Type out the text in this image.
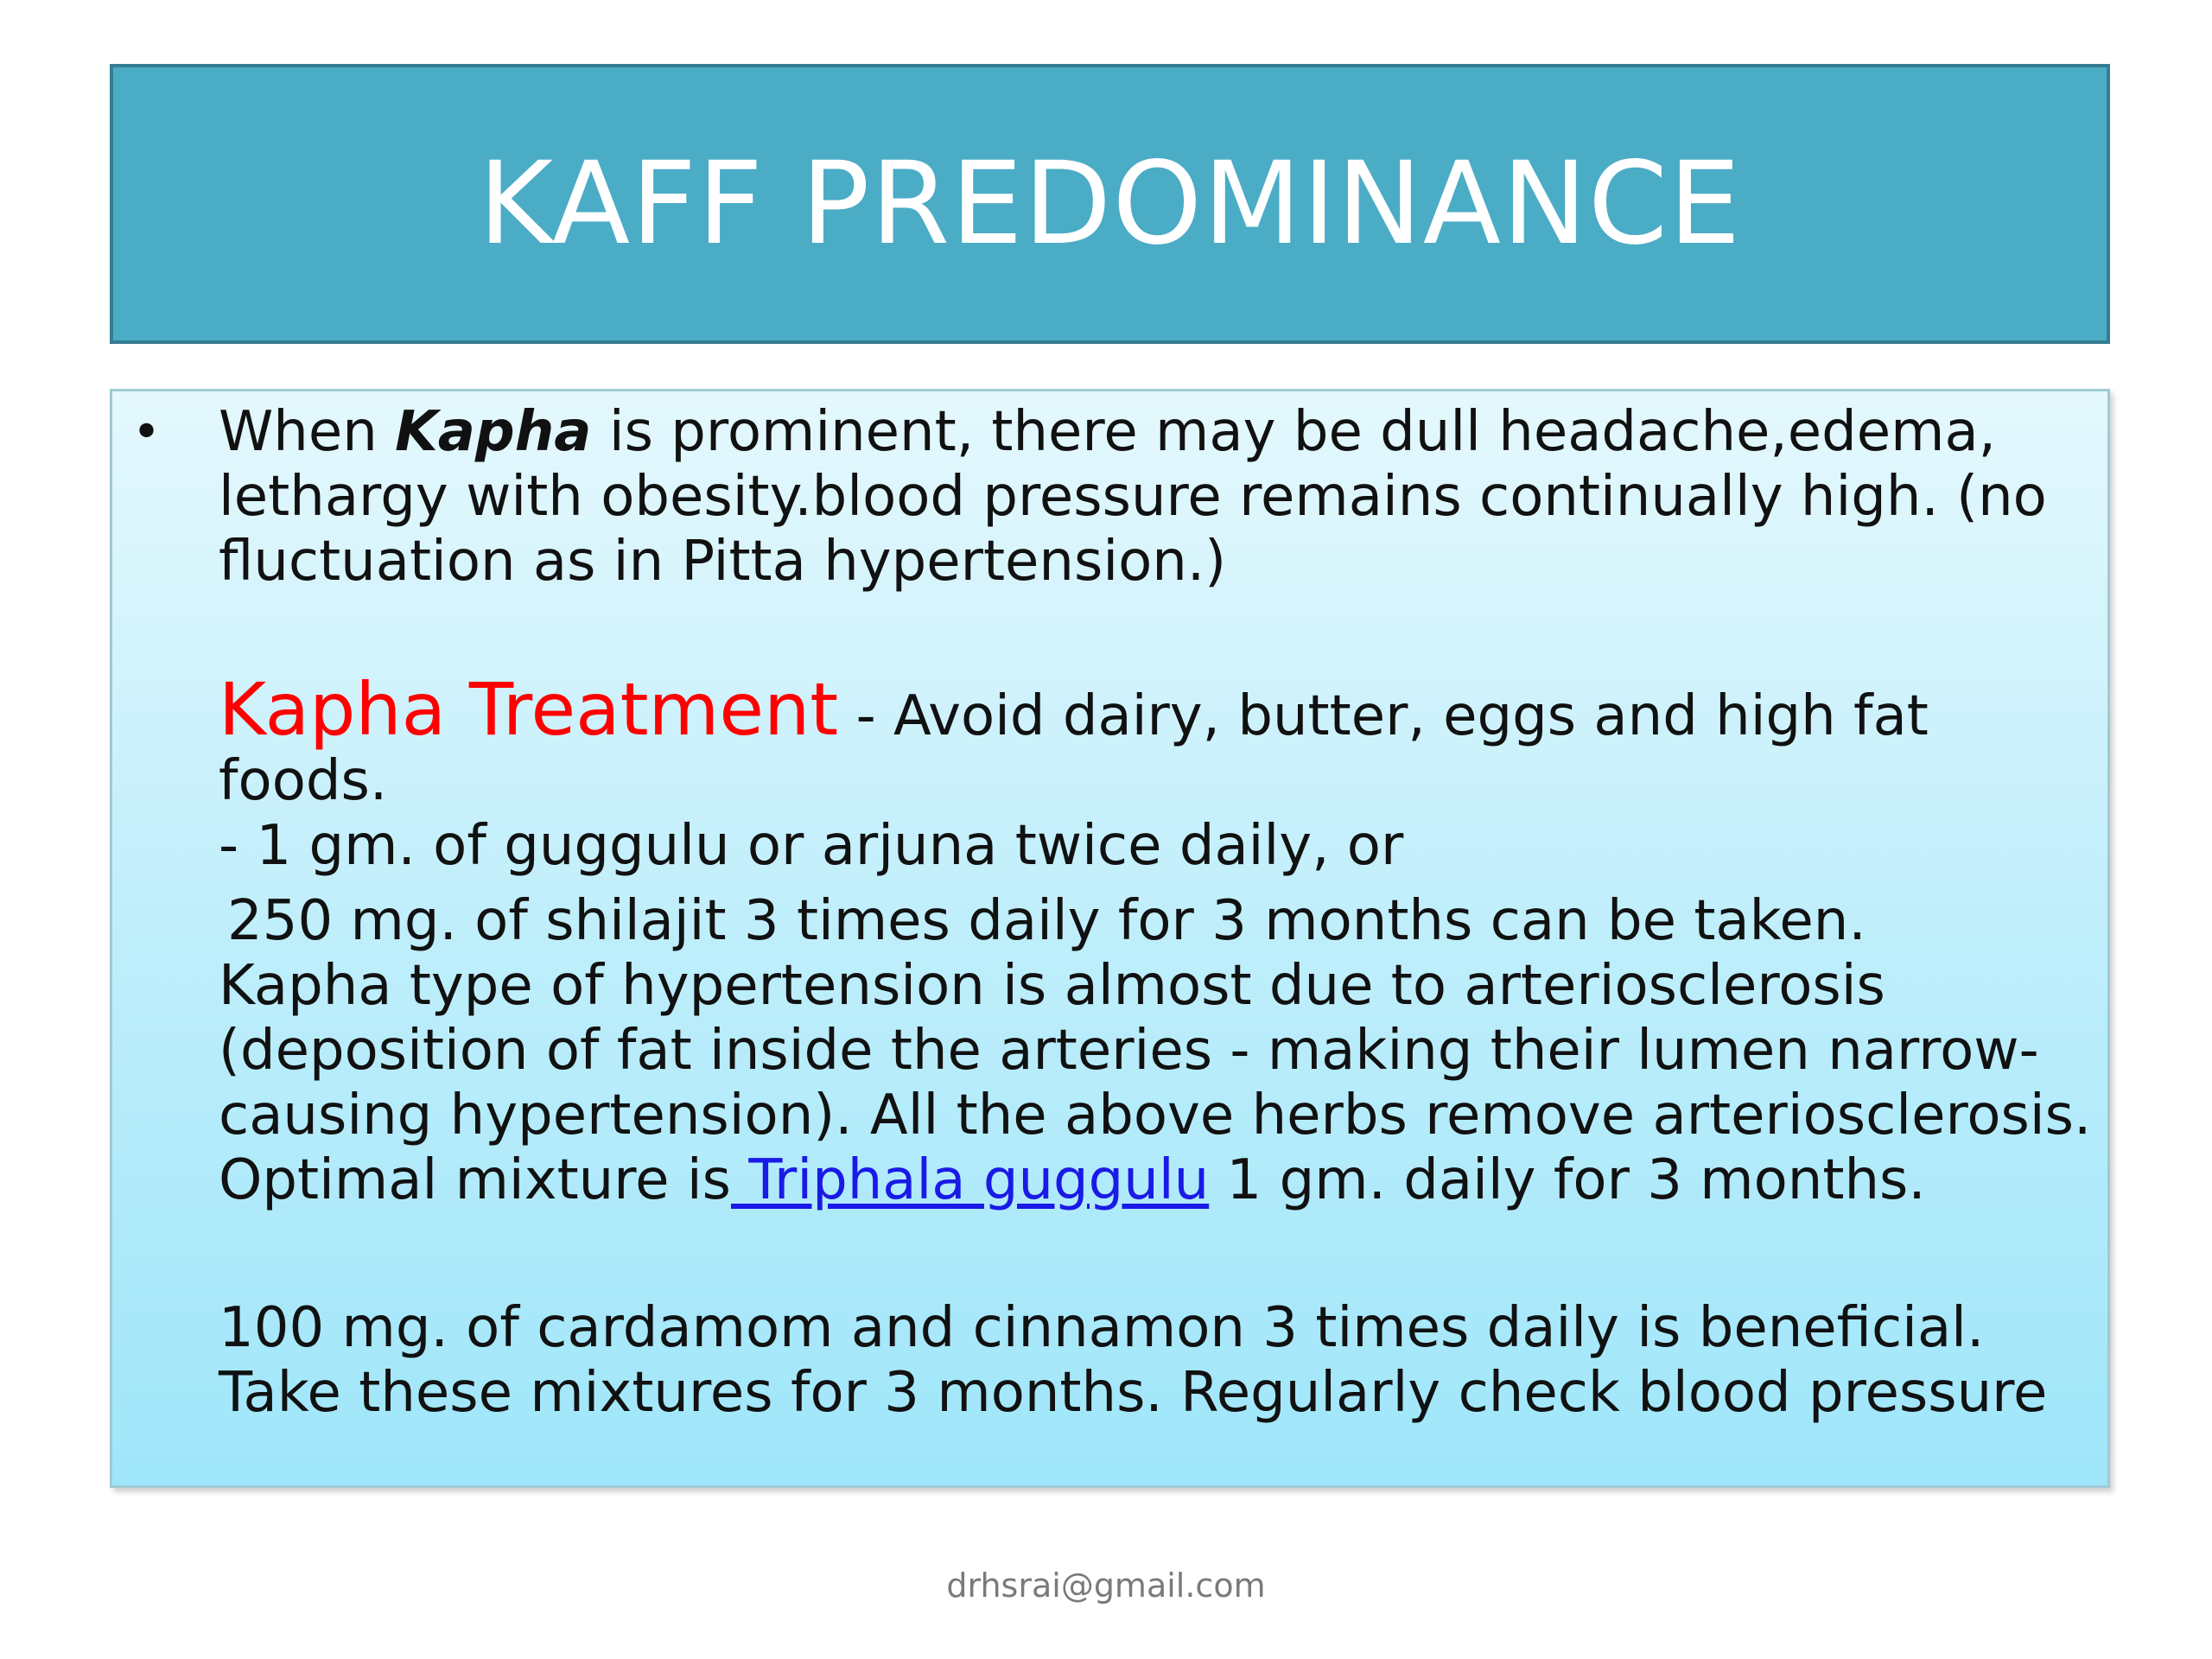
KAFF PREDOMINANCE
• When Kapha is prominent, there may be dull headache,edema, lethargy with obesity.blood pressure remains continually high. (no fluctuation as in Pitta hypertension.)

Kapha Treatment - Avoid dairy, butter, eggs and high fat foods.
- 1 gm. of guggulu or arjuna twice daily, or

250 mg. of shilajit 3 times daily for 3 months can be taken.
Kapha type of hypertension is almost due to arteriosclerosis (deposition of fat inside the arteries - making their lumen narrow- causing hypertension). All the above herbs remove arteriosclerosis.
Optimal mixture is Triphala guggulu 1 gm. daily for 3 months.

100 mg. of cardamom and cinnamon 3 times daily is beneficial. Take these mixtures for 3 months. Regularly check blood pressure

drhsrai@gmail.com
